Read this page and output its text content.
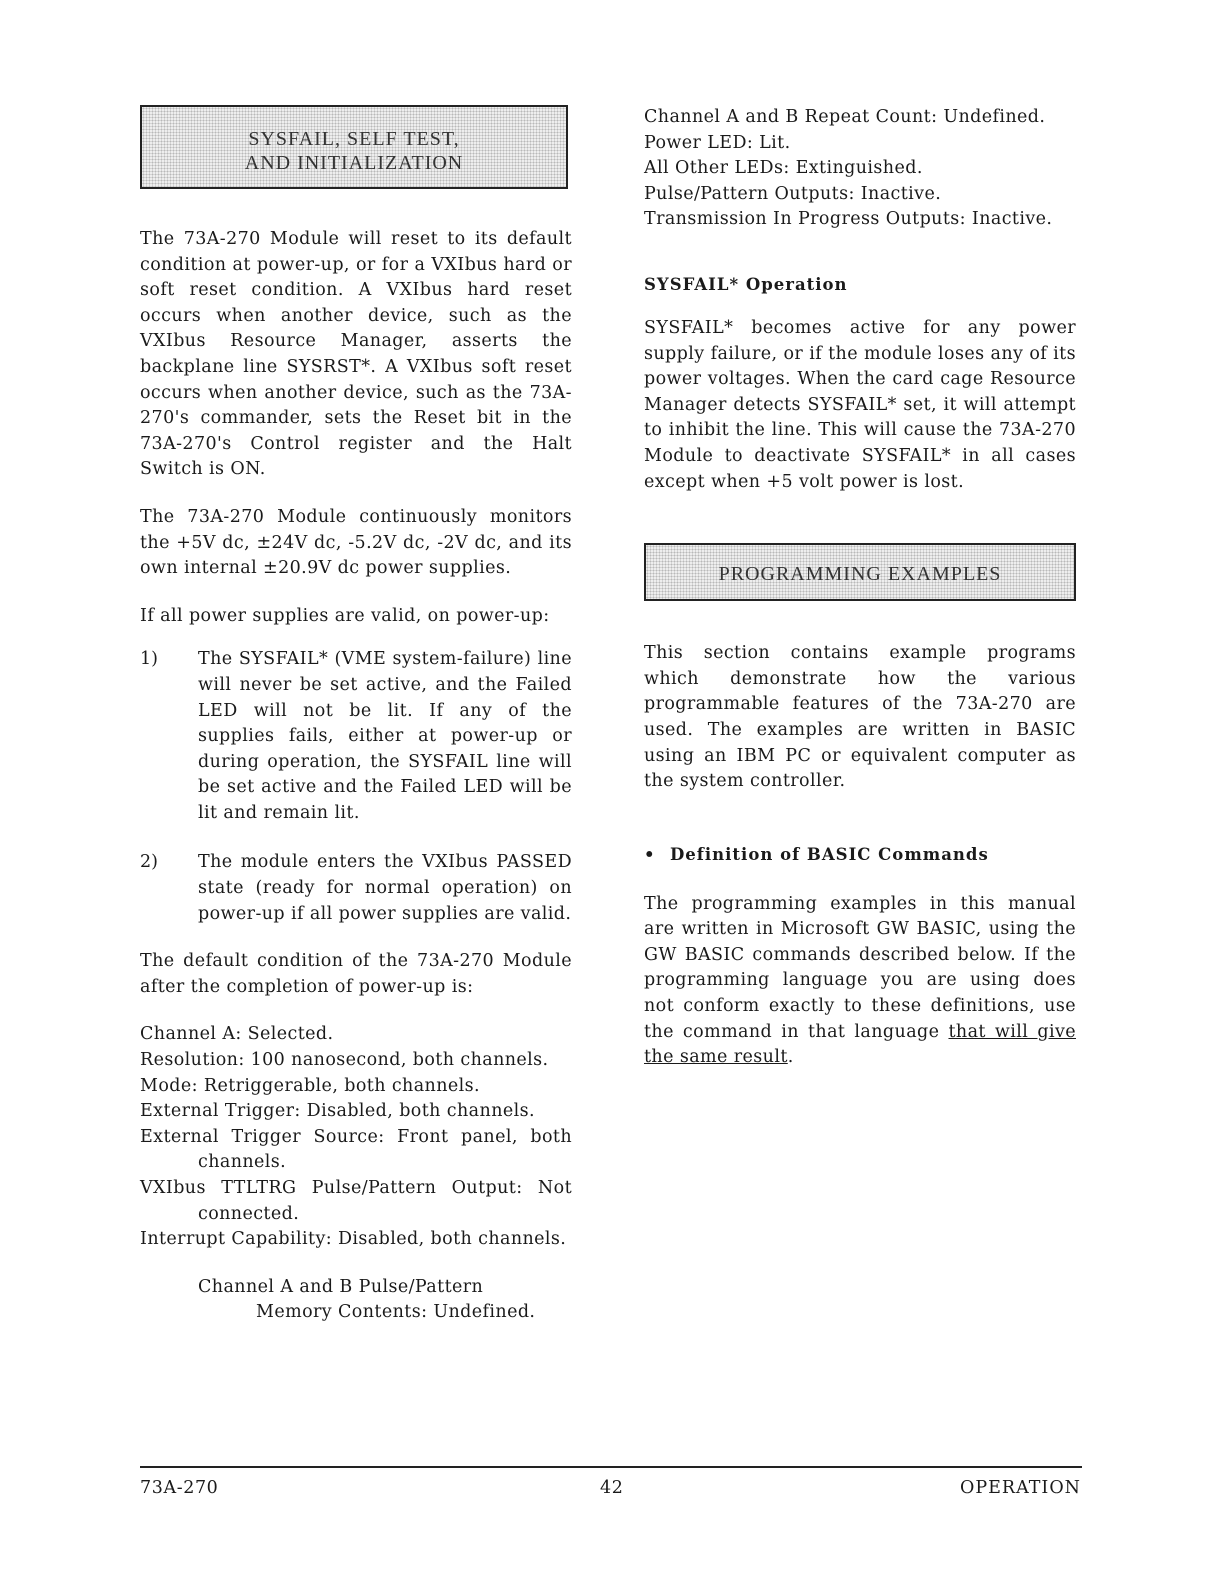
SYSFAIL, SELF TEST,
AND INITIALIZATION

The 73A-270 Module will reset to its default condition at power-up, or for a VXIbus hard or soft reset condition. A VXIbus hard reset occurs when another device, such as the VXIbus Resource Manager, asserts the backplane line SYSRST*. A VXIbus soft reset occurs when another device, such as the 73A-270's commander, sets the Reset bit in the 73A-270's Control register and the Halt Switch is ON.

The 73A-270 Module continuously monitors the +5V dc, ±24V dc, -5.2V dc, -2V dc, and its own internal ±20.9V dc power supplies.

If all power supplies are valid, on power-up:

1)	The SYSFAIL* (VME system-failure) line will never be set active, and the Failed LED will not be lit. If any of the supplies fails, either at power-up or during operation, the SYSFAIL line will be set active and the Failed LED will be lit and remain lit.
2)	The module enters the VXIbus PASSED state (ready for normal operation) on power-up if all power supplies are valid.

The default condition of the 73A-270 Module after the completion of power-up is:

Channel A: Selected.
Resolution: 100 nanosecond, both channels.
Mode: Retriggerable, both channels.
External Trigger: Disabled, both channels.
External Trigger Source: Front panel, both channels.
VXIbus TTLTRG Pulse/Pattern Output: Not connected.
Interrupt Capability: Disabled, both channels.
Channel A and B Pulse/Pattern
Memory Contents: Undefined.
Channel A and B Repeat Count: Undefined.
Power LED: Lit.
All Other LEDs: Extinguished.
Pulse/Pattern Outputs: Inactive.
Transmission In Progress Outputs: Inactive.
SYSFAIL* Operation

SYSFAIL* becomes active for any power supply failure, or if the module loses any of its power voltages. When the card cage Resource Manager detects SYSFAIL* set, it will attempt to inhibit the line. This will cause the 73A-270 Module to deactivate SYSFAIL* in all cases except when +5 volt power is lost.

PROGRAMMING EXAMPLES

This section contains example programs which demonstrate how the various programmable features of the 73A-270 are used. The examples are written in BASIC using an IBM PC or equivalent computer as the system controller.

• Definition of BASIC Commands

The programming examples in this manual are written in Microsoft GW BASIC, using the GW BASIC commands described below. If the programming language you are using does not conform exactly to these definitions, use the command in that language that will give the same result.

73A-270	42	OPERATION
